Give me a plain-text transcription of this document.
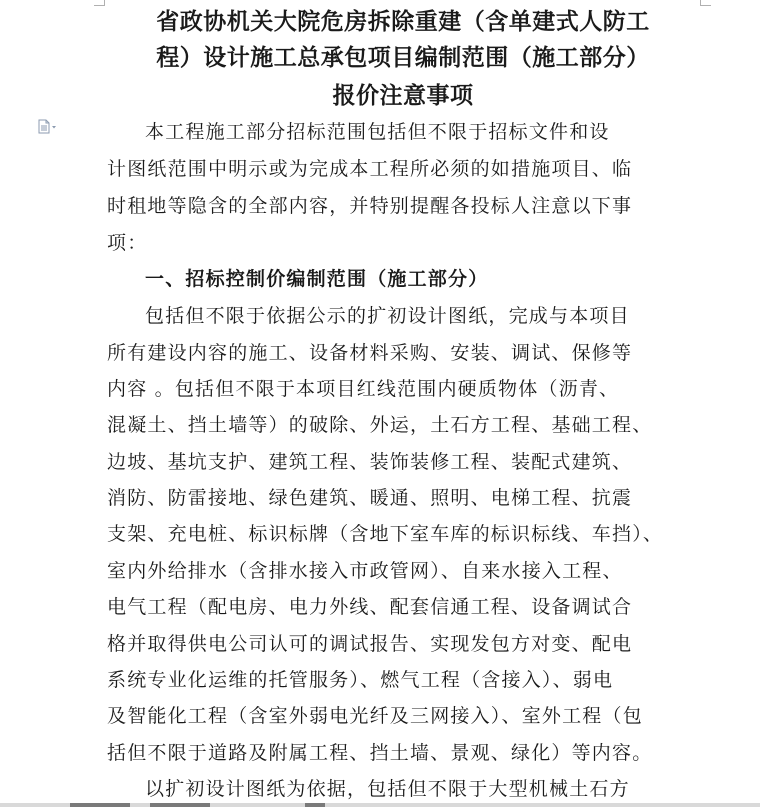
省政协机关大院危房拆除重建（含单建式人防工
程）设计施工总承包项目编制范围（施工部分）
报价注意事项
本工程施工部分招标范围包括但不限于招标文件和设
计图纸范围中明示或为完成本工程所必须的如措施项目、临
时租地等隐含的全部内容，并特别提醒各投标人注意以下事
项：
一、招标控制价编制范围（施工部分）
包括但不限于依据公示的扩初设计图纸，完成与本项目
所有建设内容的施工、设备材料采购、安装、调试、保修等
内容 。包括但不限于本项目红线范围内硬质物体（沥青、
混凝土、挡土墙等）的破除、外运，土石方工程、基础工程、
边坡、基坑支护、建筑工程、装饰装修工程、装配式建筑、
消防、防雷接地、绿色建筑、暖通、照明、电梯工程、抗震
支架、充电桩、标识标牌（含地下室车库的标识标线、车挡）、
室内外给排水（含排水接入市政管网）、自来水接入工程、
电气工程（配电房、电力外线、配套信通工程、设备调试合
格并取得供电公司认可的调试报告、实现发包方对变、配电
系统专业化运维的托管服务）、燃气工程（含接入）、弱电
及智能化工程（含室外弱电光纤及三网接入）、室外工程（包
括但不限于道路及附属工程、挡土墙、景观、绿化）等内容。
以扩初设计图纸为依据，包括但不限于大型机械土石方
